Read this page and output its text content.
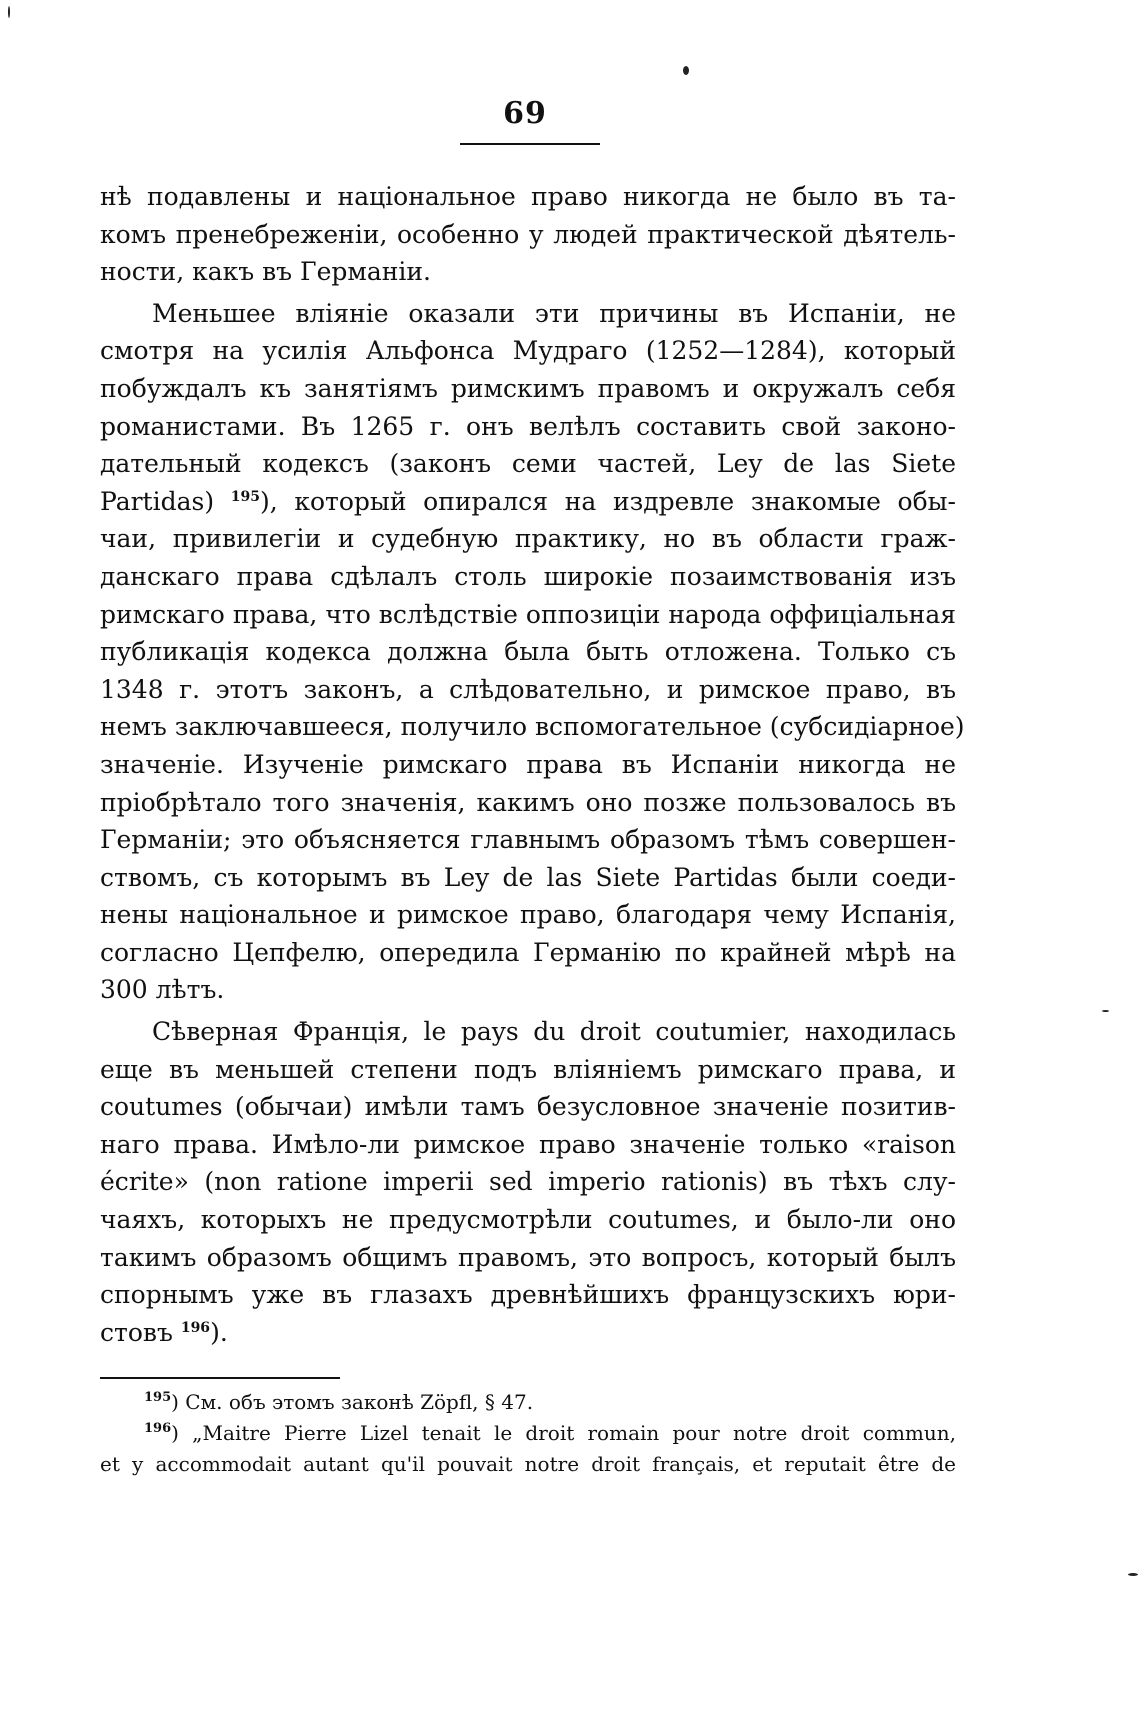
69
нѣ подавлены и національное право никогда не было въ та-
комъ пренебреженіи, особенно у людей практической дѣятель-
ности, какъ въ Германіи.
Меньшее вліяніе оказали эти причины въ Испаніи, не
смотря на усилія Альфонса Мудраго (1252—1284), который
побуждалъ къ занятіямъ римскимъ правомъ и окружалъ себя
романистами. Въ 1265 г. онъ велѣлъ составить свой законо-
дательный кодексъ (законъ семи частей, Ley de las Siete
Partidas) $^{195}$), который опирался на издревле знакомые обы-
чаи, привилегіи и судебную практику, но въ области граж-
данскаго права сдѣлалъ столь широкіе позаимствованія изъ
римскаго права, что вслѣдствіе оппозиціи народа оффиціальная
публикація кодекса должна была быть отложена. Только съ
1348 г. этотъ законъ, а слѣдовательно, и римское право, въ
немъ заключавшееся, получило вспомогательное (субсидіарное)
значеніе. Изученіе римскаго права въ Испаніи никогда не
пріобрѣтало того значенія, какимъ оно позже пользовалось въ
Германіи; это объясняется главнымъ образомъ тѣмъ совершен-
ствомъ, съ которымъ въ Ley de las Siete Partidas были соеди-
нены національное и римское право, благодаря чему Испанія,
согласно Цепфелю, опередила Германію по крайней мѣрѣ на
300 лѣтъ.
Сѣверная Франція, le pays du droit coutumier, находилась
еще въ меньшей степени подъ вліяніемъ римскаго права, и
coutumes (обычаи) имѣли тамъ безусловное значеніе позитив-
наго права. Имѣло-ли римское право значеніе только «raison
écrite» (non ratione imperii sed imperio rationis) въ тѣхъ слу-
чаяхъ, которыхъ не предусмотрѣли coutumes, и было-ли оно
такимъ образомъ общимъ правомъ, это вопросъ, который былъ
спорнымъ уже въ глазахъ древнѣйшихъ французскихъ юри-
стовъ $^{196}$).
$^{195}$) См. объ этомъ законѣ Zöpfl, § 47.
$^{196}$) „Maitre Pierre Lizel tenait le droit romain pour notre droit commun,
et y accommodait autant qu'il pouvait notre droit français, et reputait être de
